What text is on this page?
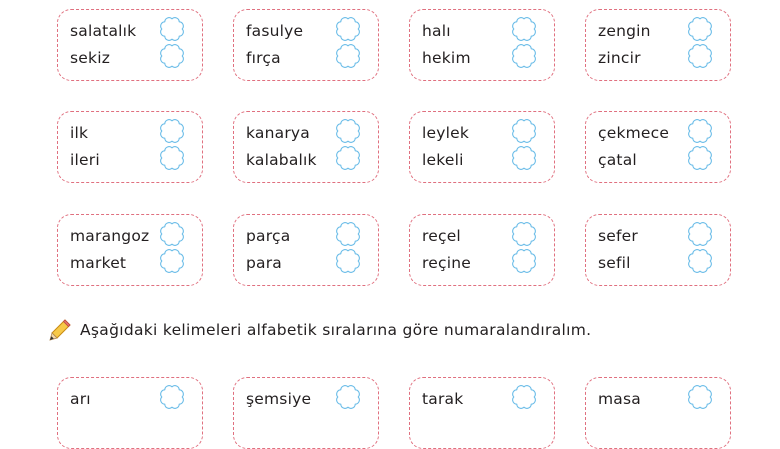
salatalık
sekiz
fasulye
fırça
halı
hekim
zengin
zincir
ilk
ileri
kanarya
kalabalık
leylek
lekeli
çekmece
çatal
marangoz
market
parça
para
reçel
reçine
sefer
sefil
Aşağıdaki kelimeleri alfabetik sıralarına göre numaralandıralım.
arı	şemsiye	tarak	masa
